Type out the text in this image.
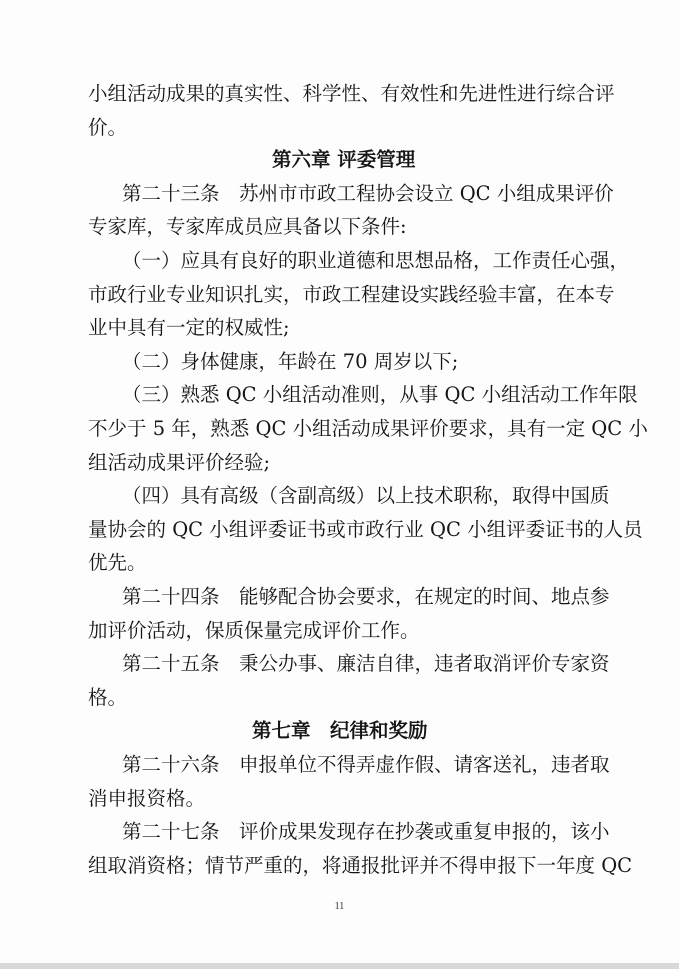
小组活动成果的真实性、科学性、有效性和先进性进行综合评
价。
第六章 评委管理
第二十三条　苏州市市政工程协会设立 QC 小组成果评价
专家库，专家库成员应具备以下条件:
（一）应具有良好的职业道德和思想品格，工作责任心强，
市政行业专业知识扎实，市政工程建设实践经验丰富，在本专
业中具有一定的权威性;
（二）身体健康，年龄在 70 周岁以下;
（三）熟悉 QC 小组活动准则，从事 QC 小组活动工作年限
不少于 5 年，熟悉 QC 小组活动成果评价要求，具有一定 QC 小
组活动成果评价经验;
（四）具有高级（含副高级）以上技术职称，取得中国质
量协会的 QC 小组评委证书或市政行业 QC 小组评委证书的人员
优先。
第二十四条　能够配合协会要求，在规定的时间、地点参
加评价活动，保质保量完成评价工作。
第二十五条　秉公办事、廉洁自律，违者取消评价专家资
格。
第七章　纪律和奖励
第二十六条　申报单位不得弄虚作假、请客送礼，违者取
消申报资格。
第二十七条　评价成果发现存在抄袭或重复申报的，该小
组取消资格；情节严重的，将通报批评并不得申报下一年度 QC
11
